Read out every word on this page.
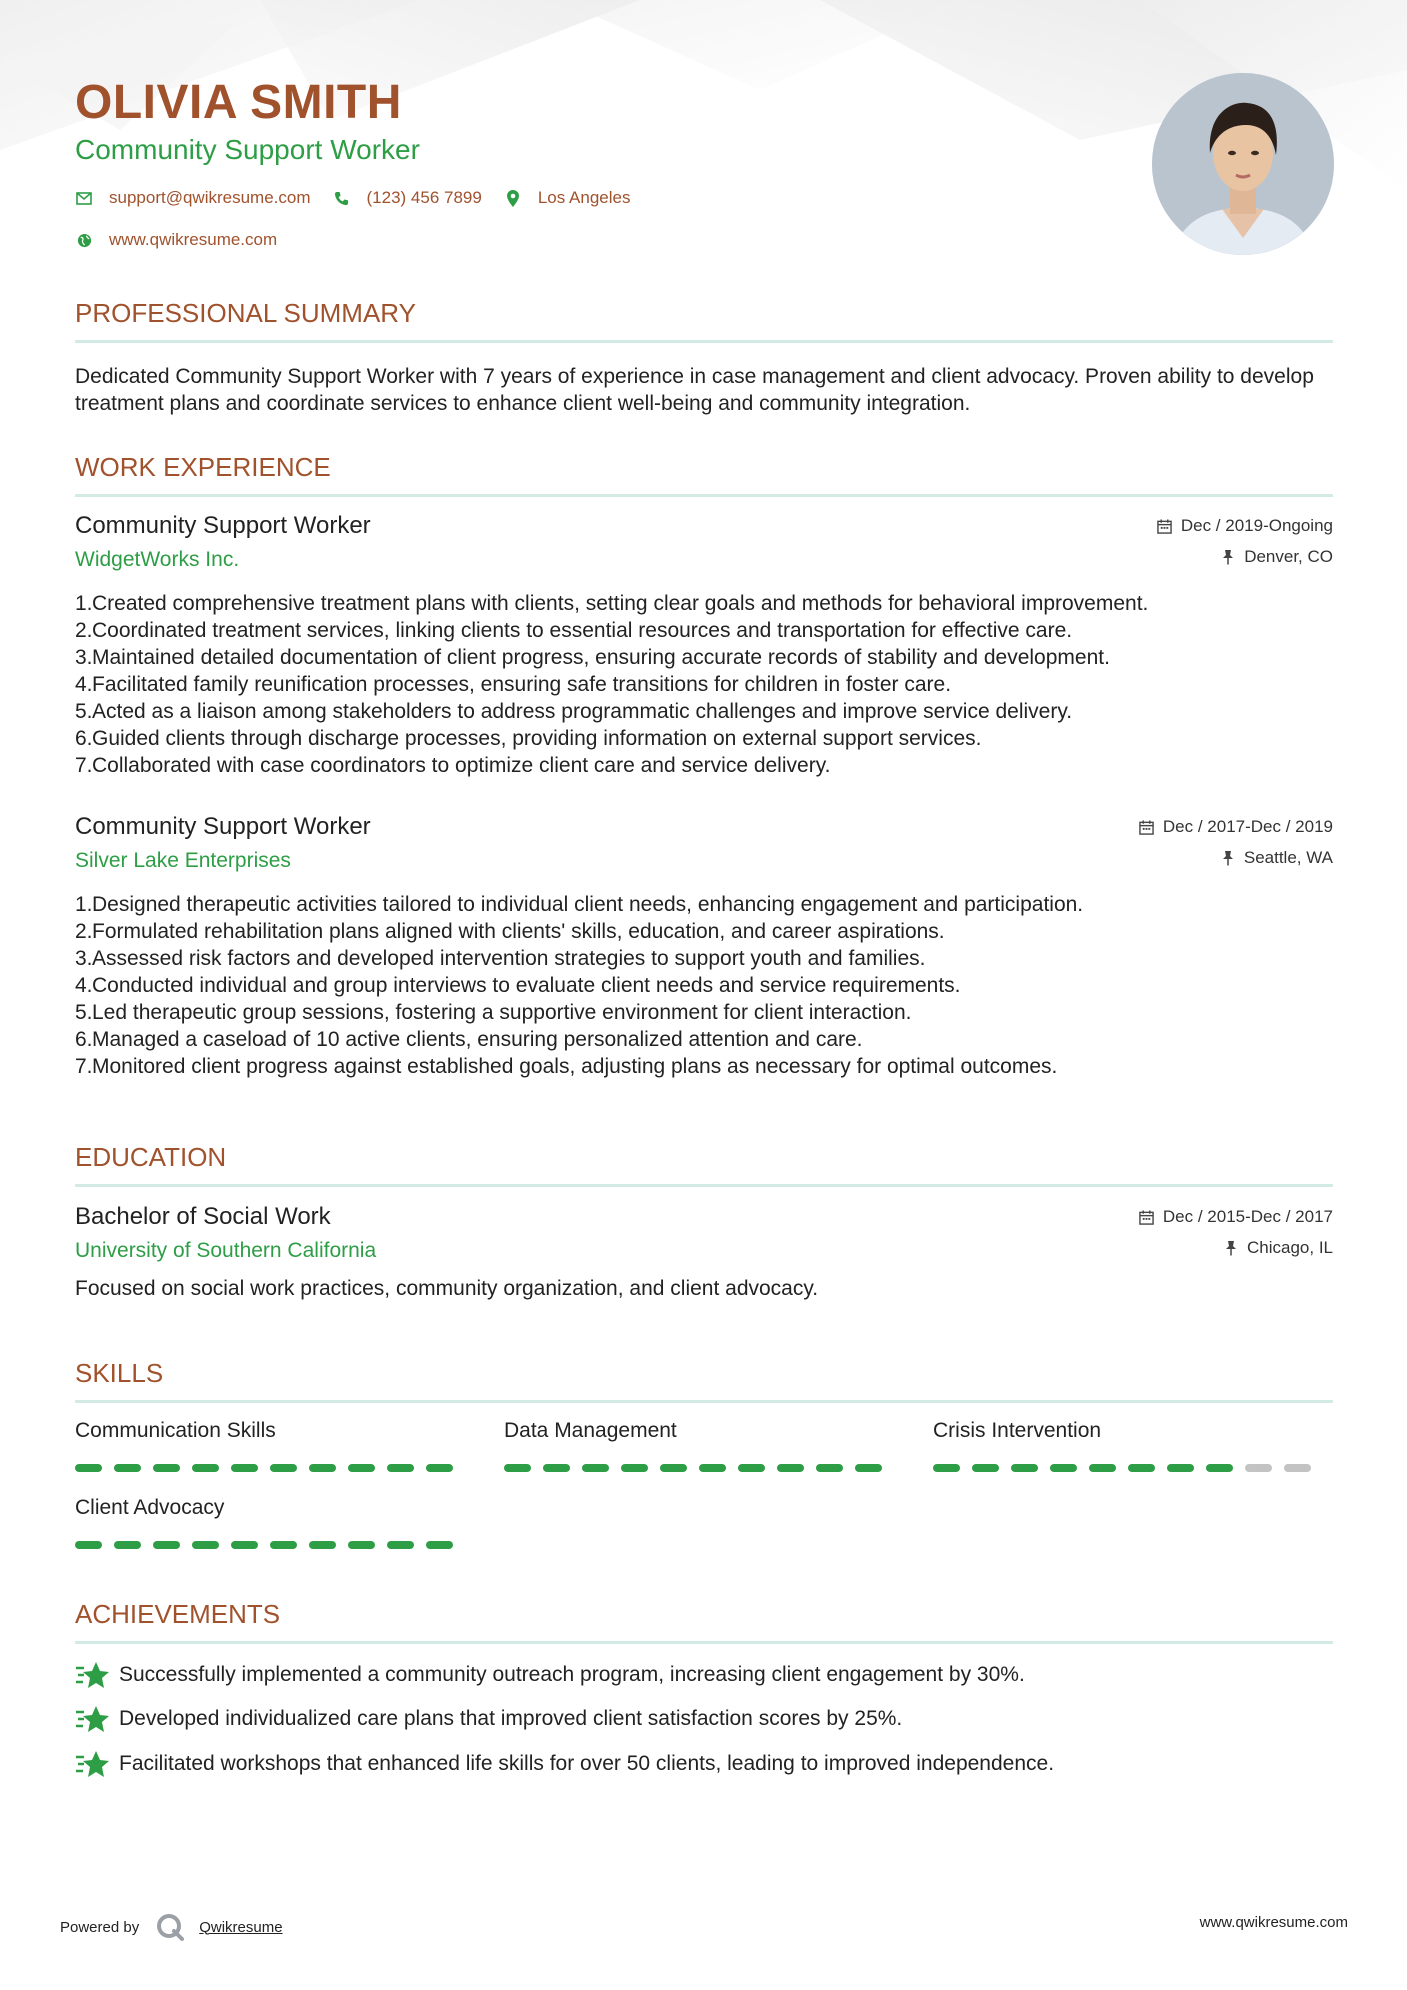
OLIVIA SMITH
Community Support Worker
support@qwikresume.com	(123) 456 7899	Los Angeles
www.qwikresume.com
PROFESSIONAL SUMMARY
Dedicated Community Support Worker with 7 years of experience in case management and client advocacy. Proven ability to develop treatment plans and coordinate services to enhance client well-being and community integration.
WORK EXPERIENCE
Community Support Worker
WidgetWorks Inc.
Dec / 2019-Ongoing
Denver, CO
1. Created comprehensive treatment plans with clients, setting clear goals and methods for behavioral improvement.
2. Coordinated treatment services, linking clients to essential resources and transportation for effective care.
3. Maintained detailed documentation of client progress, ensuring accurate records of stability and development.
4. Facilitated family reunification processes, ensuring safe transitions for children in foster care.
5. Acted as a liaison among stakeholders to address programmatic challenges and improve service delivery.
6. Guided clients through discharge processes, providing information on external support services.
7. Collaborated with case coordinators to optimize client care and service delivery.
Community Support Worker
Silver Lake Enterprises
Dec / 2017-Dec / 2019
Seattle, WA
1. Designed therapeutic activities tailored to individual client needs, enhancing engagement and participation.
2. Formulated rehabilitation plans aligned with clients' skills, education, and career aspirations.
3. Assessed risk factors and developed intervention strategies to support youth and families.
4. Conducted individual and group interviews to evaluate client needs and service requirements.
5. Led therapeutic group sessions, fostering a supportive environment for client interaction.
6. Managed a caseload of 10 active clients, ensuring personalized attention and care.
7. Monitored client progress against established goals, adjusting plans as necessary for optimal outcomes.
EDUCATION
Bachelor of Social Work
University of Southern California
Dec / 2015-Dec / 2017
Chicago, IL
Focused on social work practices, community organization, and client advocacy.
SKILLS
Communication Skills	Data Management	Crisis Intervention
Client Advocacy
ACHIEVEMENTS
Successfully implemented a community outreach program, increasing client engagement by 30%.
Developed individualized care plans that improved client satisfaction scores by 25%.
Facilitated workshops that enhanced life skills for over 50 clients, leading to improved independence.
Powered by	Qwikresume	www.qwikresume.com
